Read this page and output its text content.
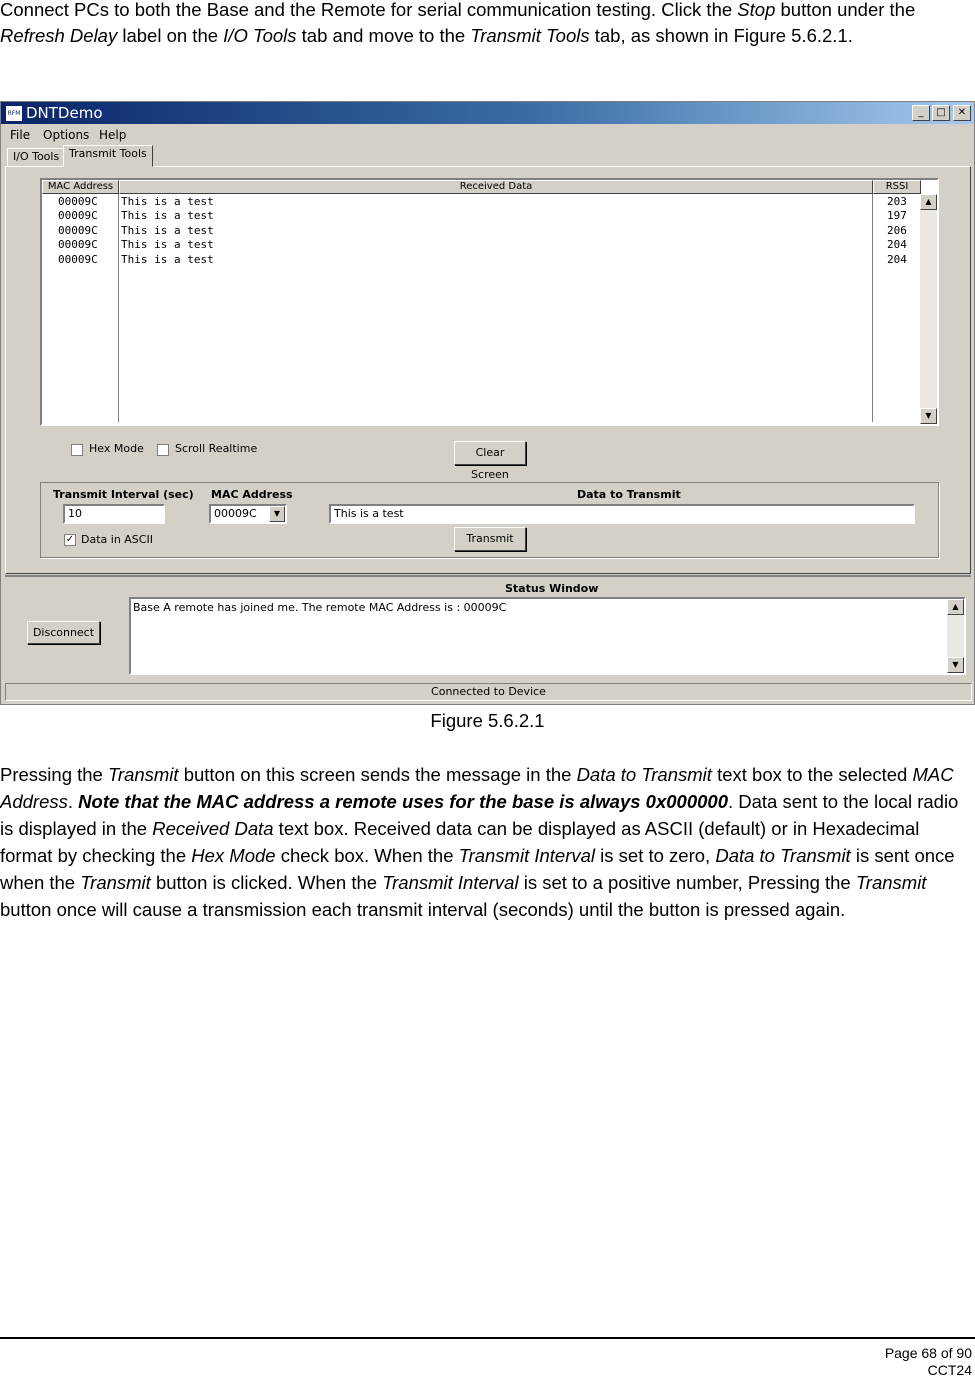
Connect PCs to both the Base and the Remote for serial communication testing. Click the Stop button under the Refresh Delay label on the I/O Tools tab and move to the Transmit Tools tab, as shown in Figure 5.6.2.1.
RFM DNTDemo	_	□	✕
File Options Help
I/O Tools Transmit Tools
MAC Address	Received Data	RSSI
00009C This is a test	203
00009C This is a test	197
00009C This is a test	206
00009C This is a test	204
00009C This is a test	204
▲
▼
Hex Mode	Scroll Realtime	Clear Screen
Transmit Interval (sec) MAC Address	Data to Transmit
10	00009C	▼	This is a test
✓ Data in ASCII	Transmit
Status Window
Disconnect
Base A remote has joined me. The remote MAC Address is : 00009C	▲
▼
Connected to Device
Figure 5.6.2.1
Pressing the Transmit button on this screen sends the message in the Data to Transmit text box to the selected MAC Address. Note that the MAC address a remote uses for the base is always 0x000000. Data sent to the local radio is displayed in the Received Data text box. Received data can be displayed as ASCII (default) or in Hexadecimal format by checking the Hex Mode check box. When the Transmit Interval is set to zero, Data to Transmit is sent once when the Transmit button is clicked. When the Transmit Interval is set to a positive number, Pressing the Transmit button once will cause a transmission each transmit interval (seconds) until the button is pressed again.
Page 68 of 90
CCT24
